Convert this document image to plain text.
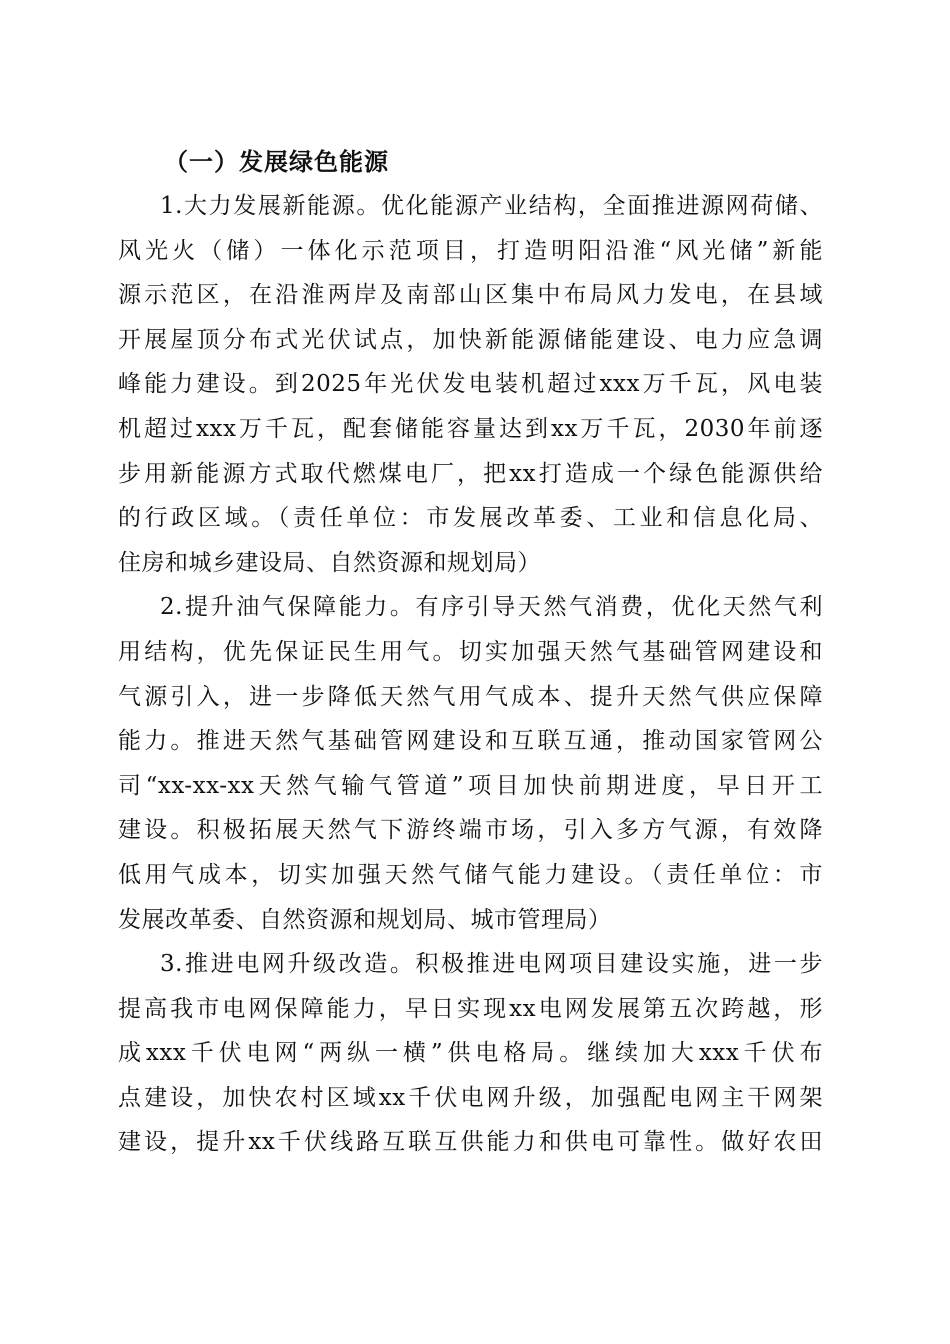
（一）发展绿色能源

1.大力发展新能源。优化能源产业结构，全面推进源网荷储、
风光火（储）一体化示范项目，打造明阳沿淮“风光储”新能
源示范区，在沿淮两岸及南部山区集中布局风力发电，在县域
开展屋顶分布式光伏试点，加快新能源储能建设、电力应急调
峰能力建设。到2025年光伏发电装机超过xxx万千瓦，风电装
机超过xxx万千瓦，配套储能容量达到xx万千瓦，2030年前逐
步用新能源方式取代燃煤电厂，把xx打造成一个绿色能源供给
的行政区域。（责任单位：市发展改革委、工业和信息化局、
住房和城乡建设局、自然资源和规划局）

2.提升油气保障能力。有序引导天然气消费，优化天然气利
用结构，优先保证民生用气。切实加强天然气基础管网建设和
气源引入，进一步降低天然气用气成本、提升天然气供应保障
能力。推进天然气基础管网建设和互联互通，推动国家管网公
司“xx-xx-xx天然气输气管道”项目加快前期进度，早日开工
建设。积极拓展天然气下游终端市场，引入多方气源，有效降
低用气成本，切实加强天然气储气能力建设。（责任单位：市
发展改革委、自然资源和规划局、城市管理局）

3.推进电网升级改造。积极推进电网项目建设实施，进一步
提高我市电网保障能力，早日实现xx电网发展第五次跨越，形
成xxx千伏电网“两纵一横”供电格局。继续加大xxx千伏布
点建设，加快农村区域xx千伏电网升级，加强配电网主干网架
建设，提升xx千伏线路互联互供能力和供电可靠性。做好农田
